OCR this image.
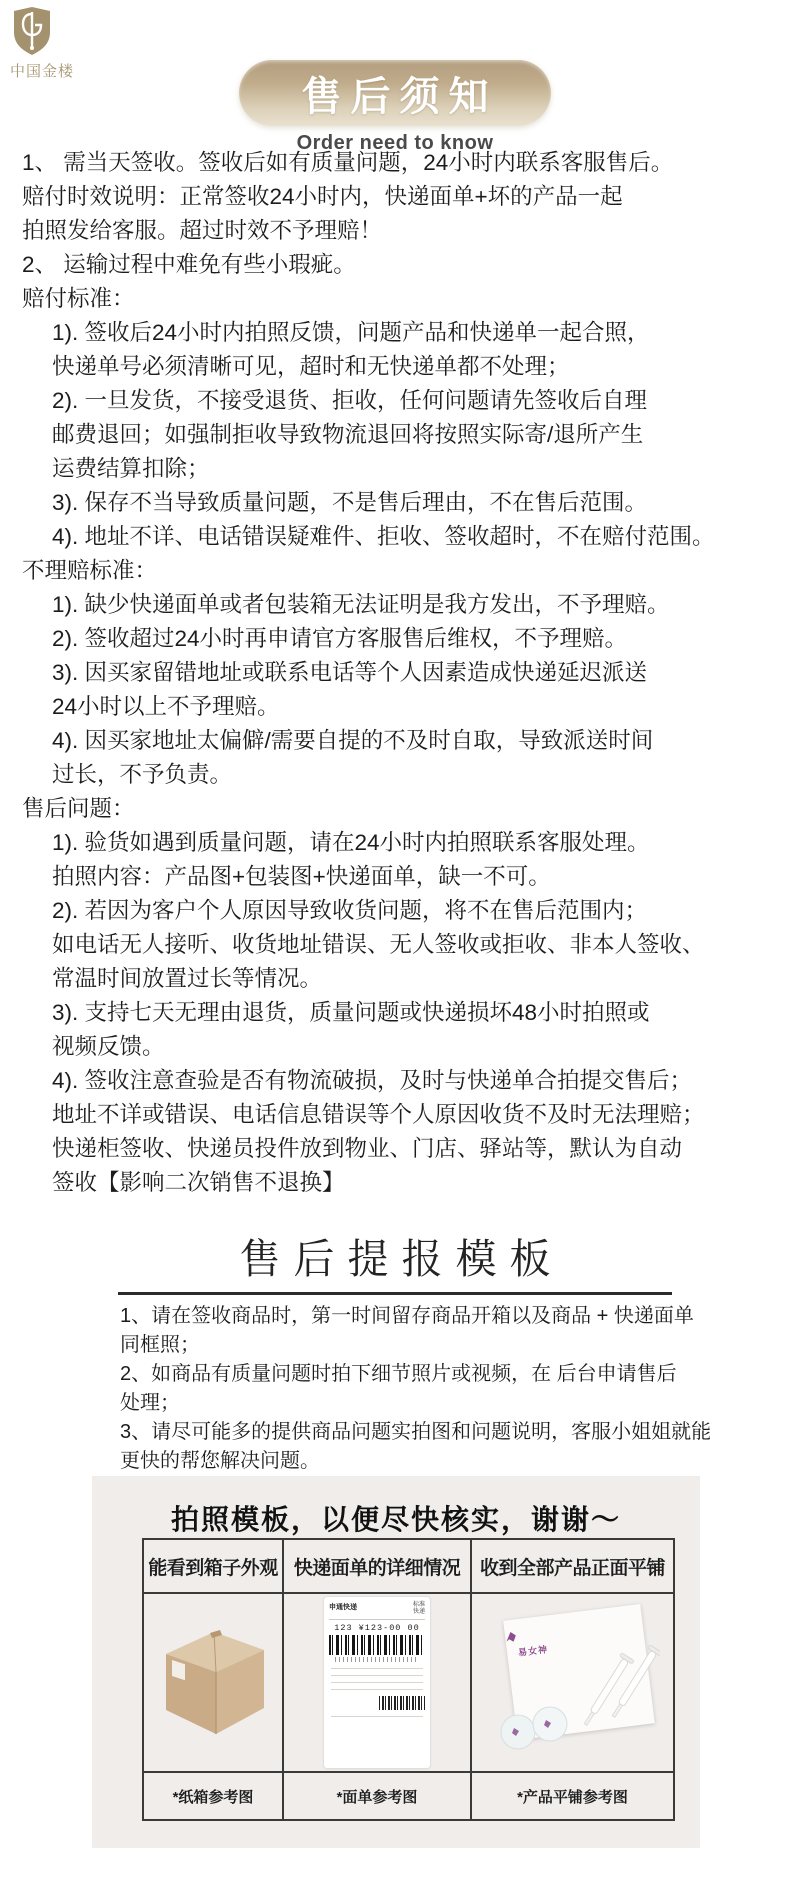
中国金楼
售后须知
Order need to know
1、 需当天签收。签收后如有质量问题，24小时内联系客服售后。
赔付时效说明：正常签收24小时内，快递面单+坏的产品一起
拍照发给客服。超过时效不予理赔！
2、 运输过程中难免有些小瑕疵。
赔付标准：
1). 签收后24小时内拍照反馈，问题产品和快递单一起合照，
快递单号必须清晰可见，超时和无快递单都不处理；
2). 一旦发货，不接受退货、拒收，任何问题请先签收后自理
邮费退回；如强制拒收导致物流退回将按照实际寄/退所产生
运费结算扣除；
3). 保存不当导致质量问题，不是售后理由，不在售后范围。
4). 地址不详、电话错误疑难件、拒收、签收超时，不在赔付范围。
不理赔标准：
1). 缺少快递面单或者包装箱无法证明是我方发出，不予理赔。
2). 签收超过24小时再申请官方客服售后维权，不予理赔。
3). 因买家留错地址或联系电话等个人因素造成快递延迟派送
24小时以上不予理赔。
4). 因买家地址太偏僻/需要自提的不及时自取，导致派送时间
过长，不予负责。
售后问题：
1). 验货如遇到质量问题，请在24小时内拍照联系客服处理。
拍照内容：产品图+包装图+快递面单，缺一不可。
2). 若因为客户个人原因导致收货问题，将不在售后范围内；
如电话无人接听、收货地址错误、无人签收或拒收、非本人签收、
常温时间放置过长等情况。
3). 支持七天无理由退货，质量问题或快递损坏48小时拍照或
视频反馈。
4). 签收注意查验是否有物流破损，及时与快递单合拍提交售后；
地址不详或错误、电话信息错误等个人原因收货不及时无法理赔；
快递柜签收、快递员投件放到物业、门店、驿站等，默认为自动
签收【影响二次销售不退换】
售后提报模板
1、请在签收商品时，第一时间留存商品开箱以及商品 + 快递面单
同框照；
2、如商品有质量问题时拍下细节照片或视频，在 后台申请售后
处理；
3、请尽可能多的提供商品问题实拍图和问题说明，客服小姐姐就能
更快的帮您解决问题。
拍照模板，以便尽快核实，谢谢～
能看到箱子外观	快递面单的详细情况	收到全部产品正面平铺

申通快递 标准
快递
123 ¥123-00 00	易女神

*纸箱参考图	*面单参考图	*产品平铺参考图
